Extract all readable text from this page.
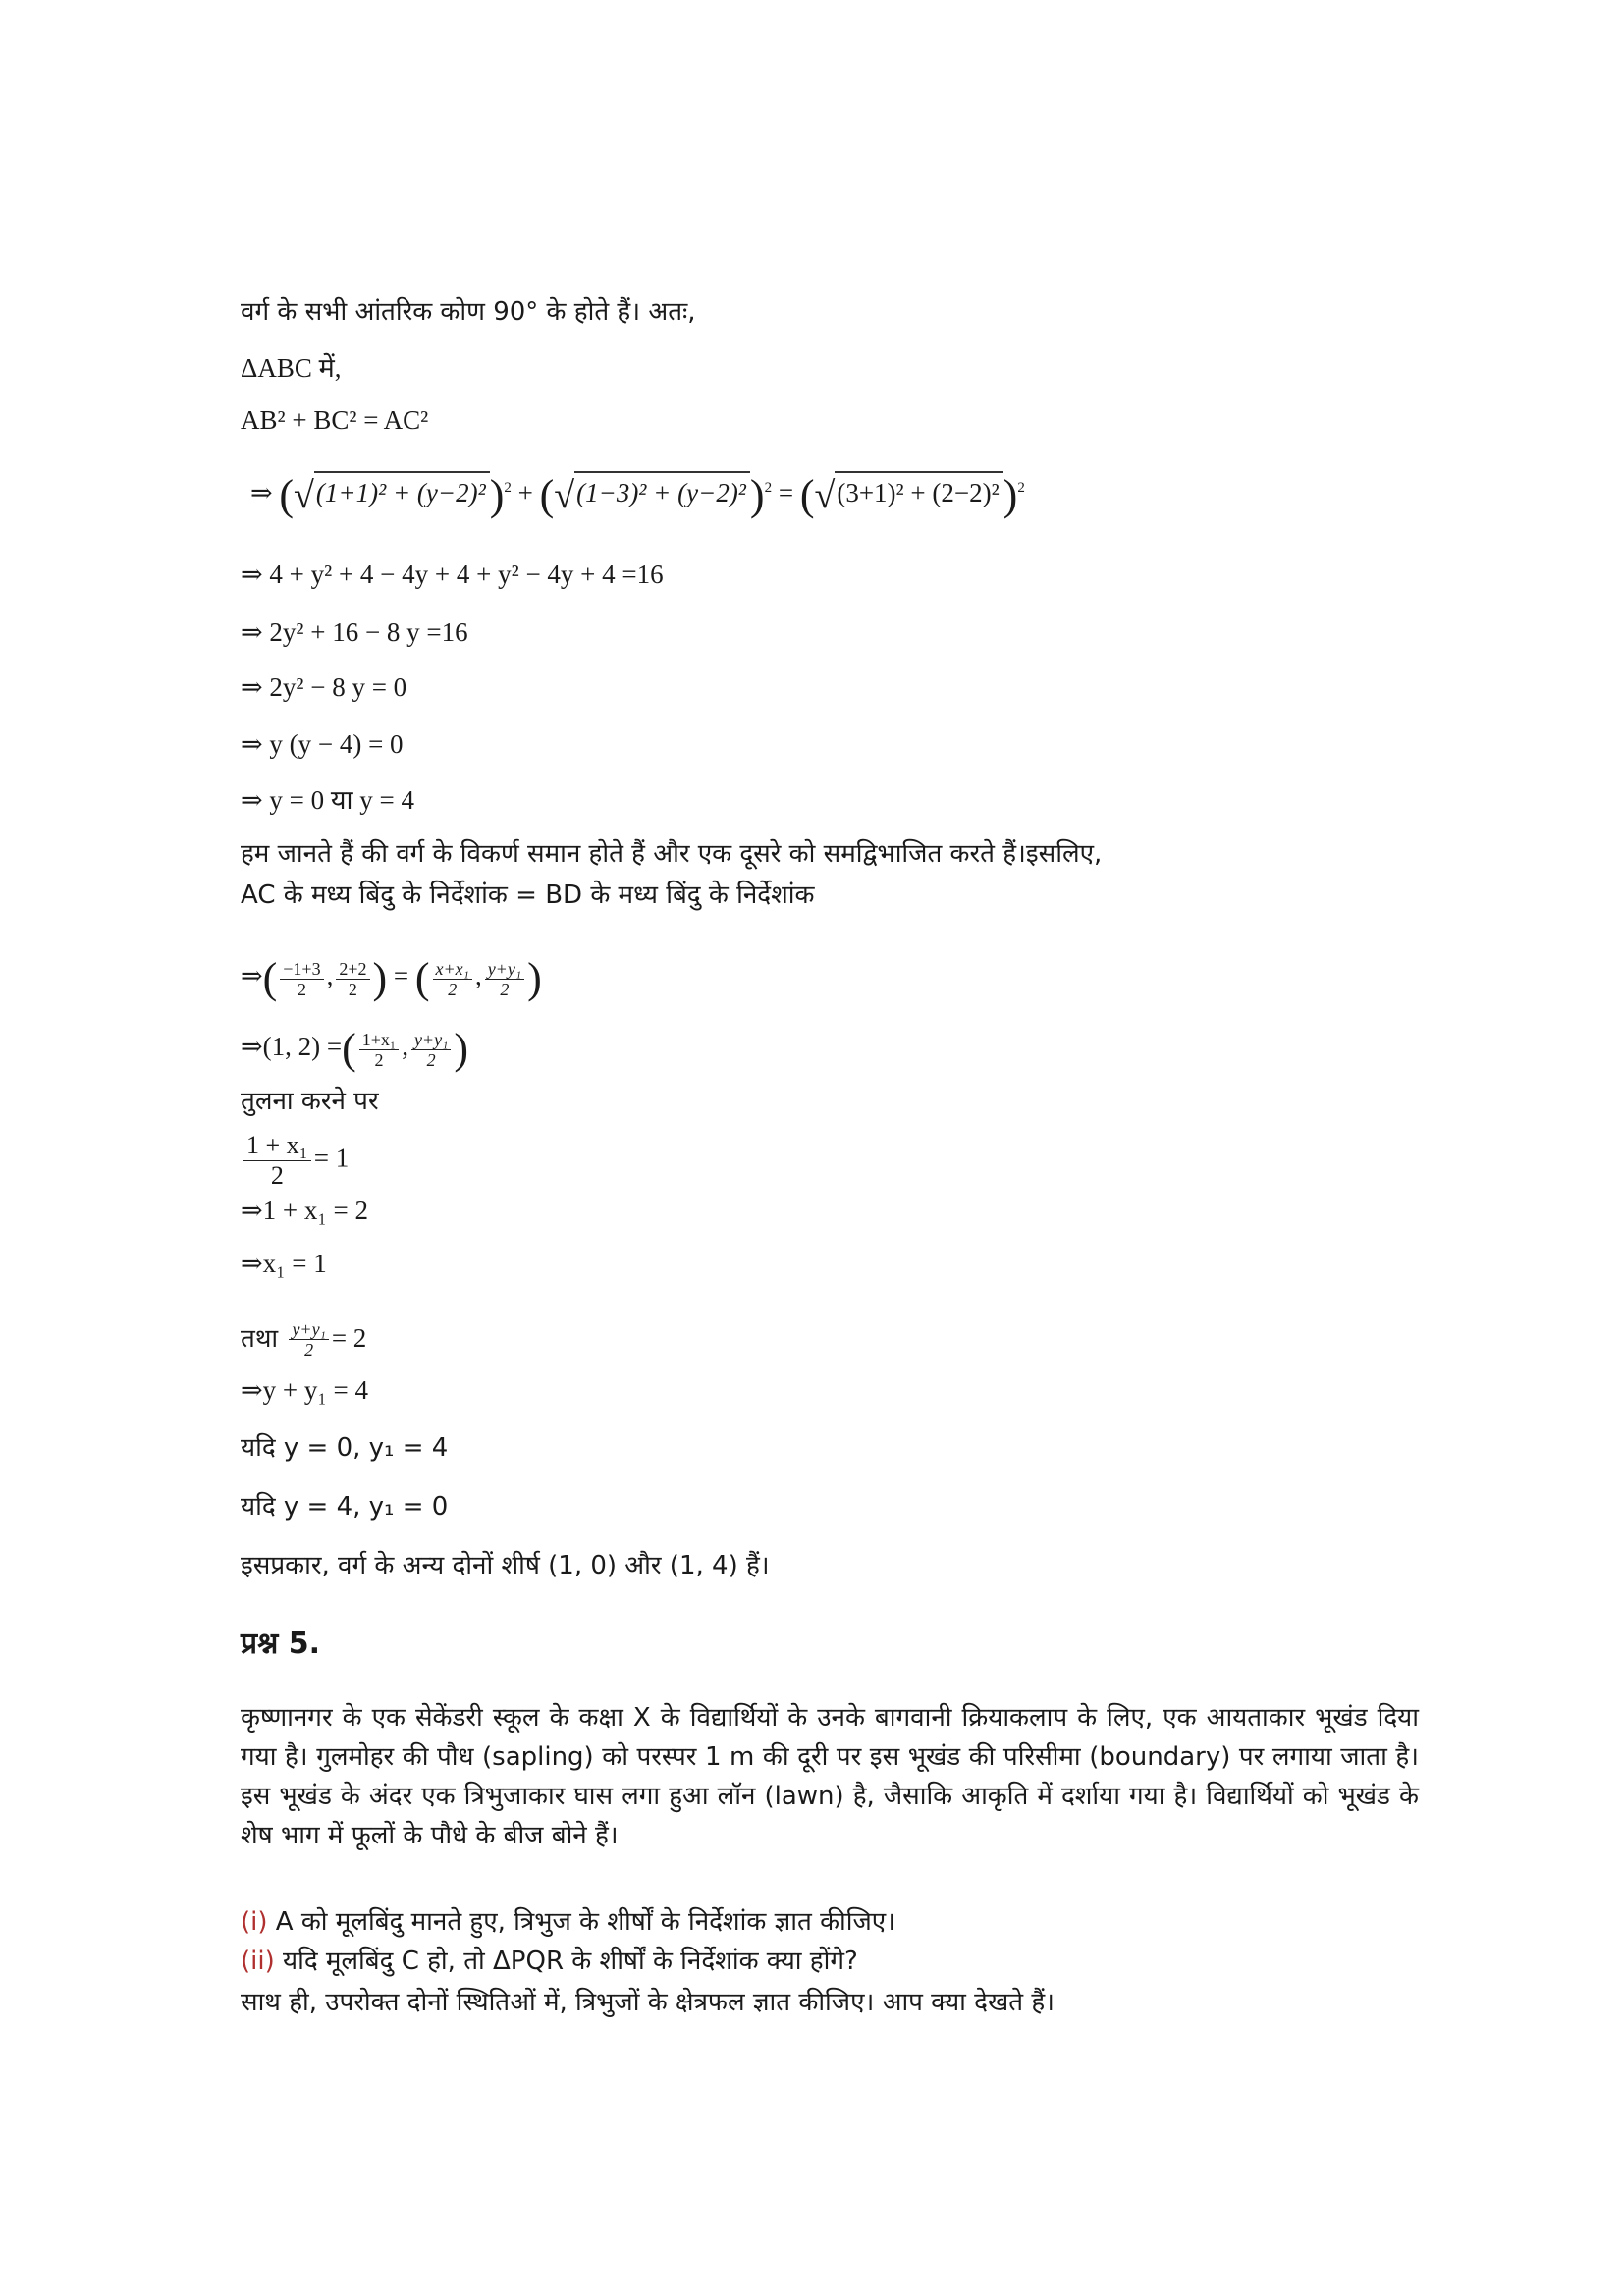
वर्ग के सभी आंतरिक कोण 90° के होते हैं। अतः,
ΔABC में,
AB² + BC² = AC²
⇒ $(√(1+1)^2 + (y-2)^2)^2 + (√(1-3)^2 + (y-2)^2)^2 = (√(3+1)^2 + (2-2)^2)^2$
⇒ 4 + y² + 4 − 4y + 4 + y² − 4y + 4 =16
⇒ 2y² + 16 − 8 y =16
⇒ 2y² − 8 y = 0
⇒ y (y − 4) = 0
⇒ y = 0 या y = 4
हम जानते हैं की वर्ग के विकर्ण समान होते हैं और एक दूसरे को समद्विभाजित करते हैं।इसलिए,
AC के मध्य बिंदु के निर्देशांक = BD के मध्य बिंदु के निर्देशांक
⇒( $\frac{-1+3}{2}$ , $\frac{2+2}{2}$ ) = ( $\frac{\text{x+x₁}}{2}$ , $\frac{\text{y+y₁}}{2}$ )
⇒(1, 2) =( $\frac{\text{1+x₁}}{2}$ , $\frac{\text{y+y₁}}{2}$ )
तुलना करने पर
$\frac{\text{1 + x₁}}{2} = 1$
⇒1 + x₁ = 2
⇒x₁ = 1
तथा $\frac{\text{y+y₁}}{2} = 2$
⇒y + y₁ = 4
यदि y = 0, y₁ = 4
यदि y = 4, y₁ = 0
इसप्रकार, वर्ग के अन्य दोनों शीर्ष (1, 0) और (1, 4) हैं।
प्रश्न 5.
कृष्णानगर के एक सेकेंडरी स्कूल के कक्षा X के विद्यार्थियों के उनके बागवानी क्रियाकलाप के लिए, एक आयताकार भूखंड दिया गया है। गुलमोहर की पौध (sapling) को परस्पर 1 m की दूरी पर इस भूखंड की परिसीमा (boundary) पर लगाया जाता है। इस भूखंड के अंदर एक त्रिभुजाकार घास लगा हुआ लॉन (lawn) है, जैसाकि आकृति में दर्शाया गया है। विद्यार्थियों को भूखंड के शेष भाग में फूलों के पौधे के बीज बोने हैं।
(i) A को मूलबिंदु मानते हुए, त्रिभुज के शीर्षों के निर्देशांक ज्ञात कीजिए।
(ii) यदि मूलबिंदु C हो, तो ΔPQR के शीर्षों के निर्देशांक क्या होंगे?
साथ ही, उपरोक्त दोनों स्थितिओं में, त्रिभुजों के क्षेत्रफल ज्ञात कीजिए। आप क्या देखते हैं।
